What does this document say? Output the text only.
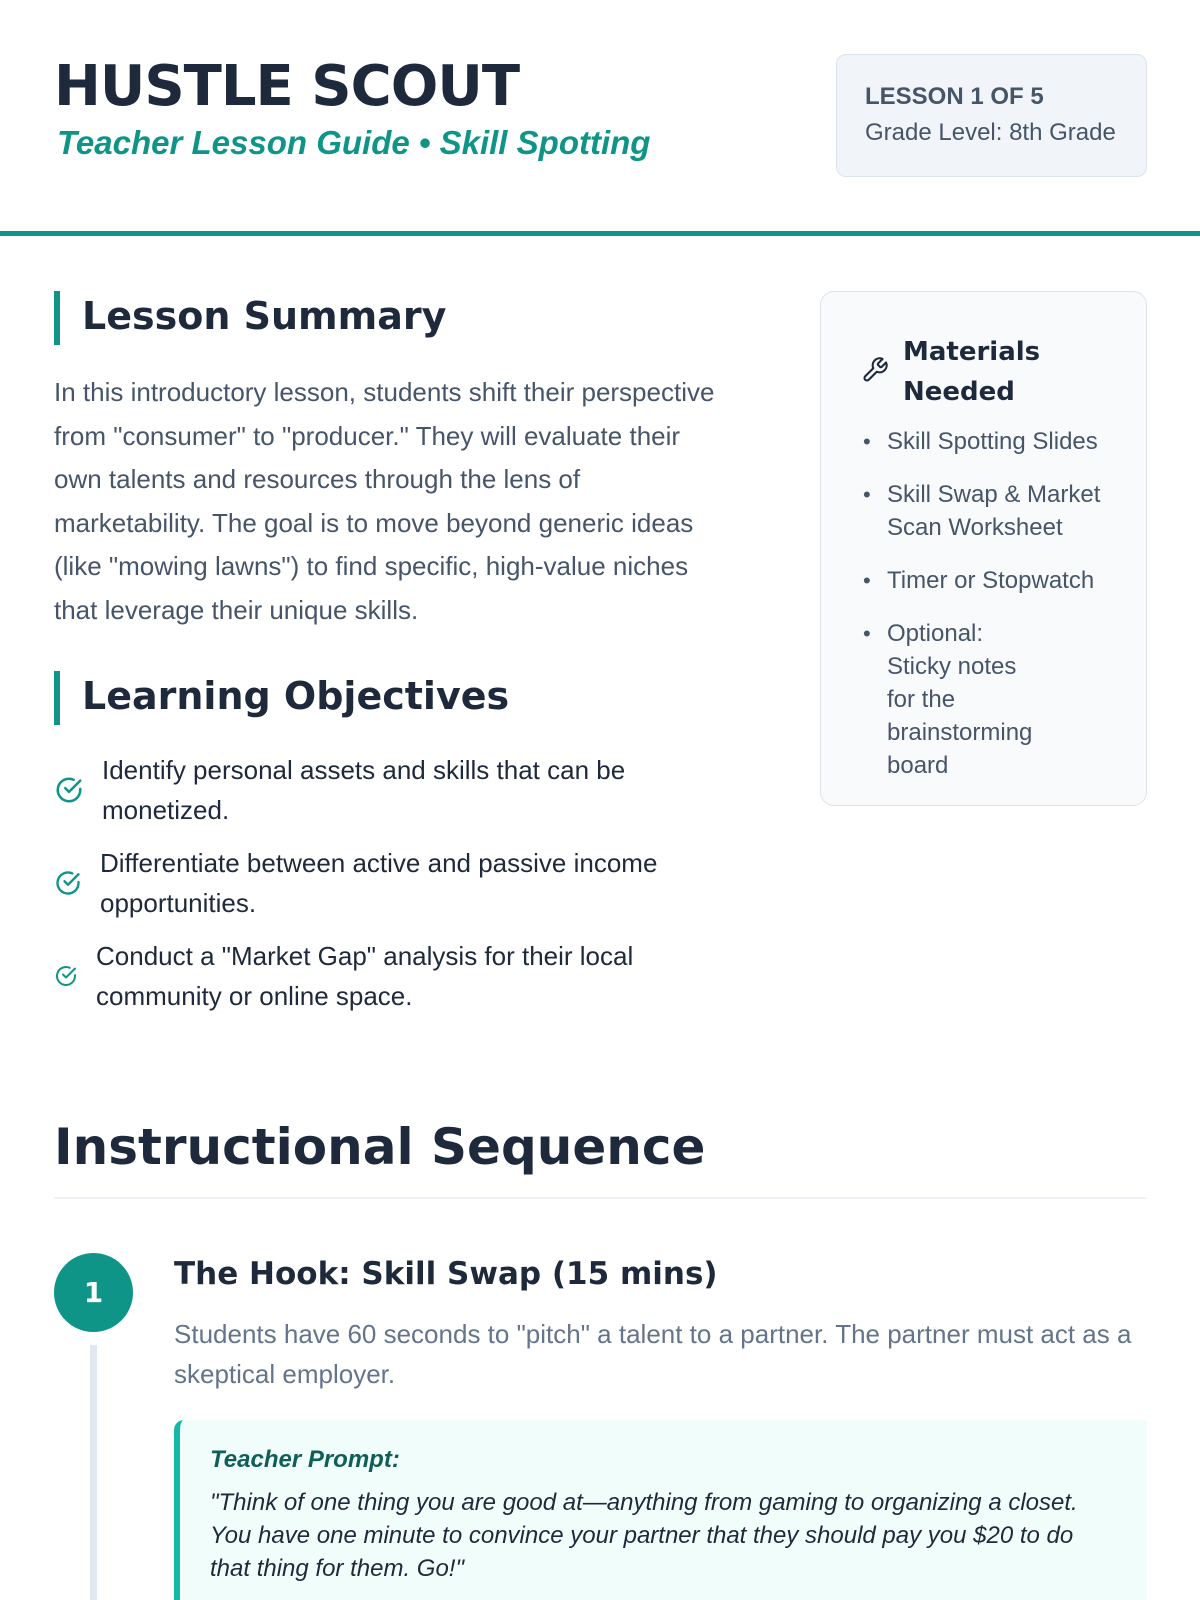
HUSTLE SCOUT
Teacher Lesson Guide • Skill Spotting
LESSON 1 OF 5
Grade Level: 8th Grade
Lesson Summary

In this introductory lesson, students shift their perspective from "consumer" to "producer." They will evaluate their own talents and resources through the lens of marketability. The goal is to move beyond generic ideas (like "mowing lawns") to find specific, high-value niches that leverage their unique skills.

Learning Objectives
Identify personal assets and skills that can be monetized.
Differentiate between active and passive income opportunities.
Conduct a "Market Gap" analysis for their local community or online space.
Materials Needed
• Skill Spotting Slides
• Skill Swap & Market Scan Worksheet
• Timer or Stopwatch
• Optional: Sticky notes for the brainstorming board
Instructional Sequence
1
The Hook: Skill Swap (15 mins)

Students have 60 seconds to "pitch" a talent to a partner. The partner must act as a skeptical employer.

Teacher Prompt:
"Think of one thing you are good at—anything from gaming to organizing a closet. You have one minute to convince your partner that they should pay you $20 to do that thing for them. Go!"
